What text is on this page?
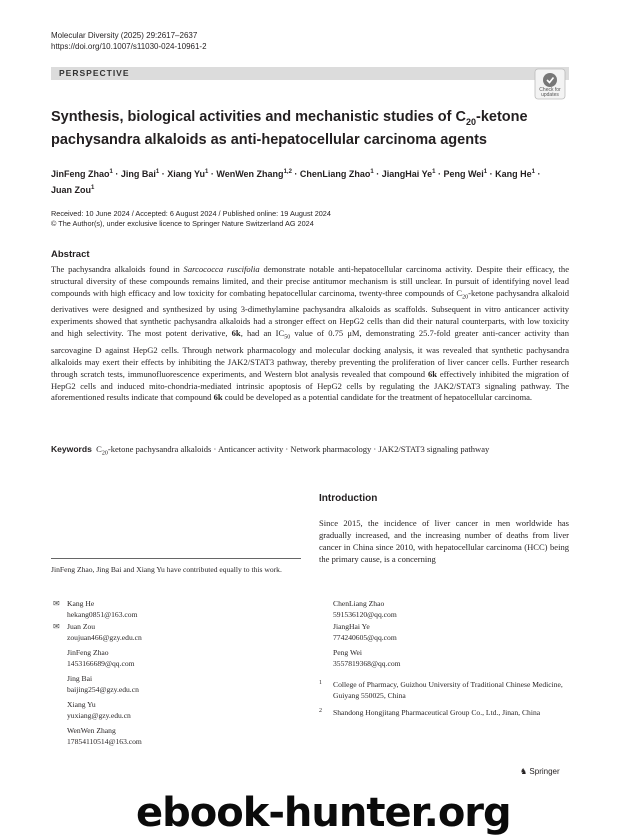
Molecular Diversity (2025) 29:2617–2637
https://doi.org/10.1007/s11030-024-10961-2
PERSPECTIVE
Check for updates
Synthesis, biological activities and mechanistic studies of $C_{20}$-ketone pachysandra alkaloids as anti-hepatocellular carcinoma agents
JinFeng Zhao$^1$ · Jing Bai$^1$ · Xiang $Yu^1$ · WenWen Zhang$^{1,2}$ · ChenLiang Zhao$^1$ · JiangHai $Ye^1$ · Peng Wei$^1$ · Kang $He^1$ · Juan Zou$^1$
Received: 10 June 2024 / Accepted: 6 August 2024 / Published online: 19 August 2024
© The Author(s), under exclusive licence to Springer Nature Switzerland AG 2024
Abstract
The pachysandra alkaloids found in Sarcococca ruscifolia demonstrate notable anti-hepatocellular carcinoma activity. Despite their efficacy, the structural diversity of these compounds remains limited, and their precise antitumor mechanism is still unclear. In pursuit of identifying novel lead compounds with high efficacy and low toxicity for combating hepatocellular carcinoma, twenty-three compounds of $C_{20}$-ketone pachysandra alkaloid derivatives were designed and synthesized by using 3-dimethylamine pachysandra alkaloids as scaffolds. Subsequent in vitro anticancer activity experiments showed that synthetic pachysandra alkaloids had a stronger effect on HepG2 cells than did their natural counterparts, with low toxicity and high selectivity. The most potent derivative, 6k, had an $IC_{50}$ value of 0.75 μM, demonstrating 25.7-fold greater anti-cancer activity than sarcovagine D against HepG2 cells. Through network pharmacology and molecular docking analysis, it was revealed that synthetic pachysandra alkaloids may exert their effects by inhibiting the JAK2/STAT3 pathway, thereby preventing the proliferation of liver cancer cells. Further research through scratch tests, immunofluorescence experiments, and Western blot analysis revealed that compound 6k effectively inhibited the migration of HepG2 cells and induced mito-chondria-mediated intrinsic apoptosis of HepG2 cells by regulating the JAK2/STAT3 signaling pathway. The aforementioned results indicate that compound 6k could be developed as a potential candidate for the treatment of hepatocellular carcinoma.
Keywords  $C_{20}$-ketone pachysandra alkaloids · Anticancer activity · Network pharmacology · JAK2/STAT3 signaling pathway
Introduction
Since 2015, the incidence of liver cancer in men worldwide has gradually increased, and the increasing number of deaths from liver cancer in China since 2010, with hepatocellular carcinoma (HCC) being the primary cause, is a concerning
JinFeng Zhao, Jing Bai and Xiang Yu have contributed equally to this work.
✉ Kang He
hekang0851@163.com
✉ Juan Zou
zoujuan466@gzy.edu.cn
JinFeng Zhao
1453166689@qq.com
Jing Bai
baijing254@gzy.edu.cn
Xiang Yu
yuxiang@gzy.edu.cn
WenWen Zhang
17854110514@163.com
ChenLiang Zhao
591536120@qq.com
JiangHai Ye
774240605@qq.com
Peng Wei
3557819368@qq.com
1 College of Pharmacy, Guizhou University of Traditional Chinese Medicine, Guiyang 550025, China
2 Shandong Hongjitang Pharmaceutical Group Co., Ltd., Jinan, China
♞ Springer
ebook-hunter.org
